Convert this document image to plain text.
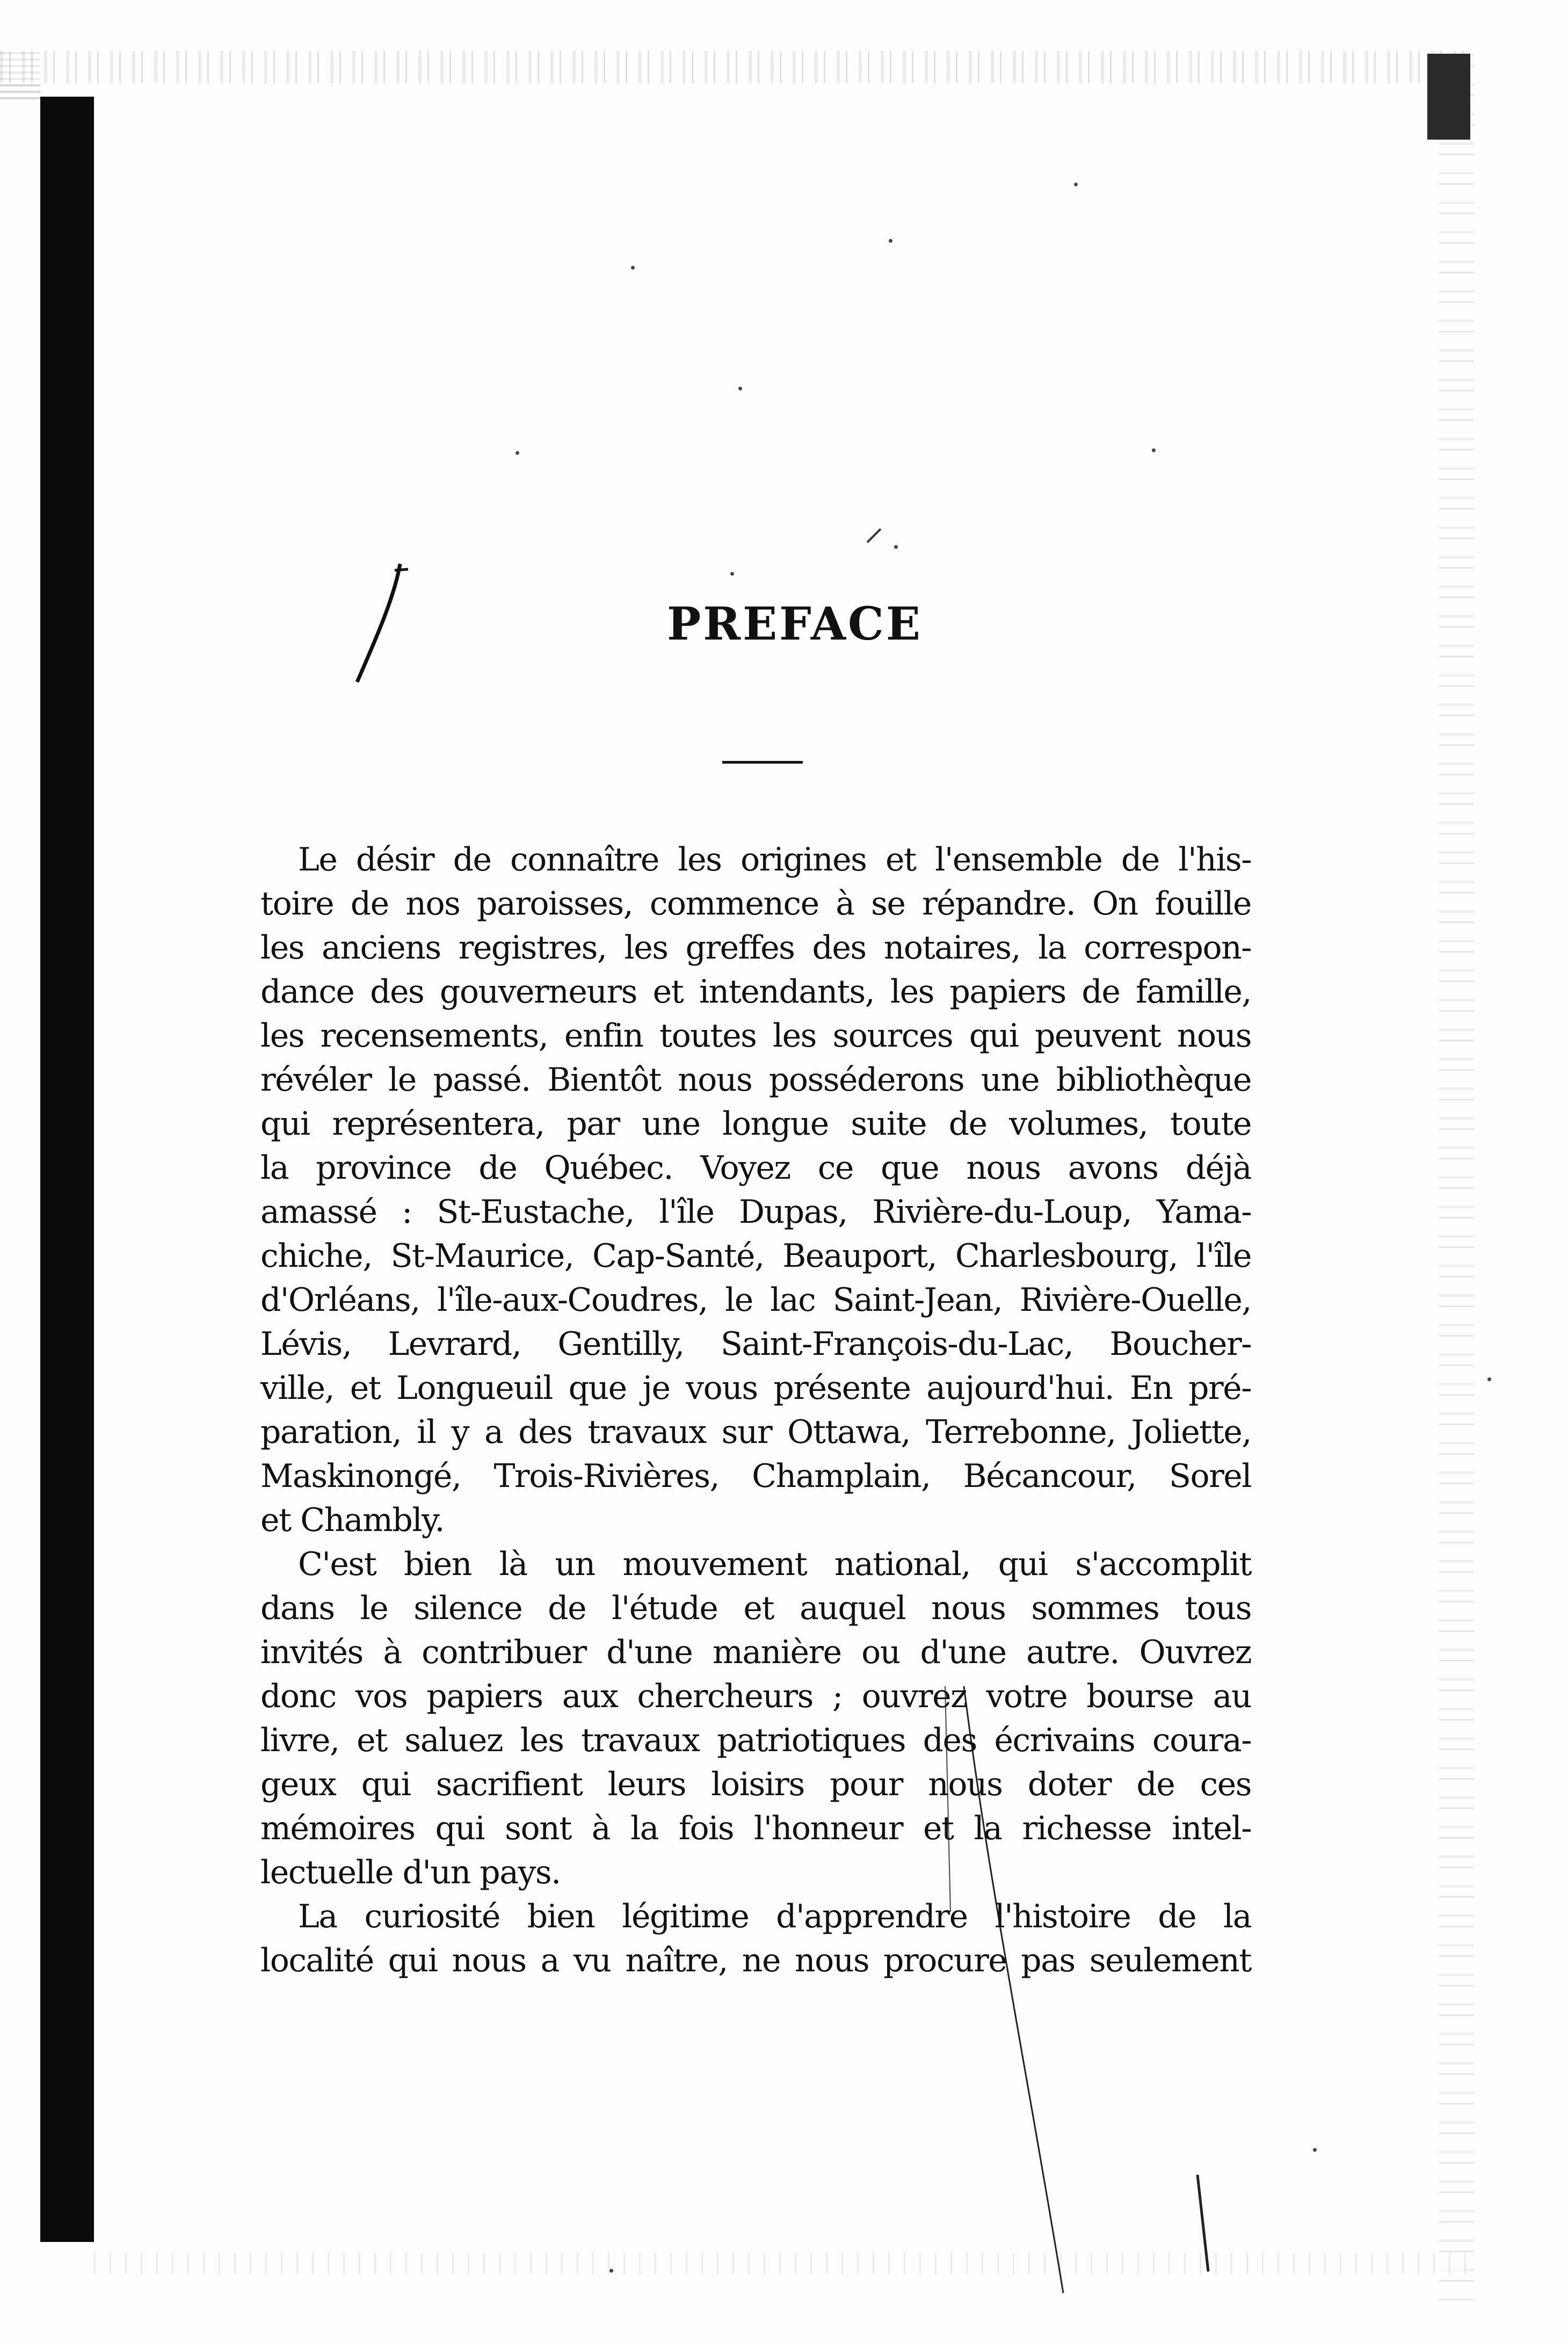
PREFACE
Le désir de connaître les origines et l'ensemble de l'his-
toire de nos paroisses, commence à se répandre. On fouille
les anciens registres, les greffes des notaires, la correspon-
dance des gouverneurs et intendants, les papiers de famille,
les recensements, enfin toutes les sources qui peuvent nous
révéler le passé. Bientôt nous posséderons une bibliothèque
qui représentera, par une longue suite de volumes, toute
la province de Québec. Voyez ce que nous avons déjà
amassé : St-Eustache, l'île Dupas, Rivière-du-Loup, Yama-
chiche, St-Maurice, Cap-Santé, Beauport, Charlesbourg, l'île
d'Orléans, l'île-aux-Coudres, le lac Saint-Jean, Rivière-Ouelle,
Lévis, Levrard, Gentilly, Saint-François-du-Lac, Boucher-
ville, et Longueuil que je vous présente aujourd'hui. En pré-
paration, il y a des travaux sur Ottawa, Terrebonne, Joliette,
Maskinongé, Trois-Rivières, Champlain, Bécancour, Sorel
et Chambly.
C'est bien là un mouvement national, qui s'accomplit
dans le silence de l'étude et auquel nous sommes tous
invités à contribuer d'une manière ou d'une autre. Ouvrez
donc vos papiers aux chercheurs ; ouvrez votre bourse au
livre, et saluez les travaux patriotiques des écrivains coura-
geux qui sacrifient leurs loisirs pour nous doter de ces
mémoires qui sont à la fois l'honneur et la richesse intel-
lectuelle d'un pays.
La curiosité bien légitime d'apprendre l'histoire de la
localité qui nous a vu naître, ne nous procure pas seulement
